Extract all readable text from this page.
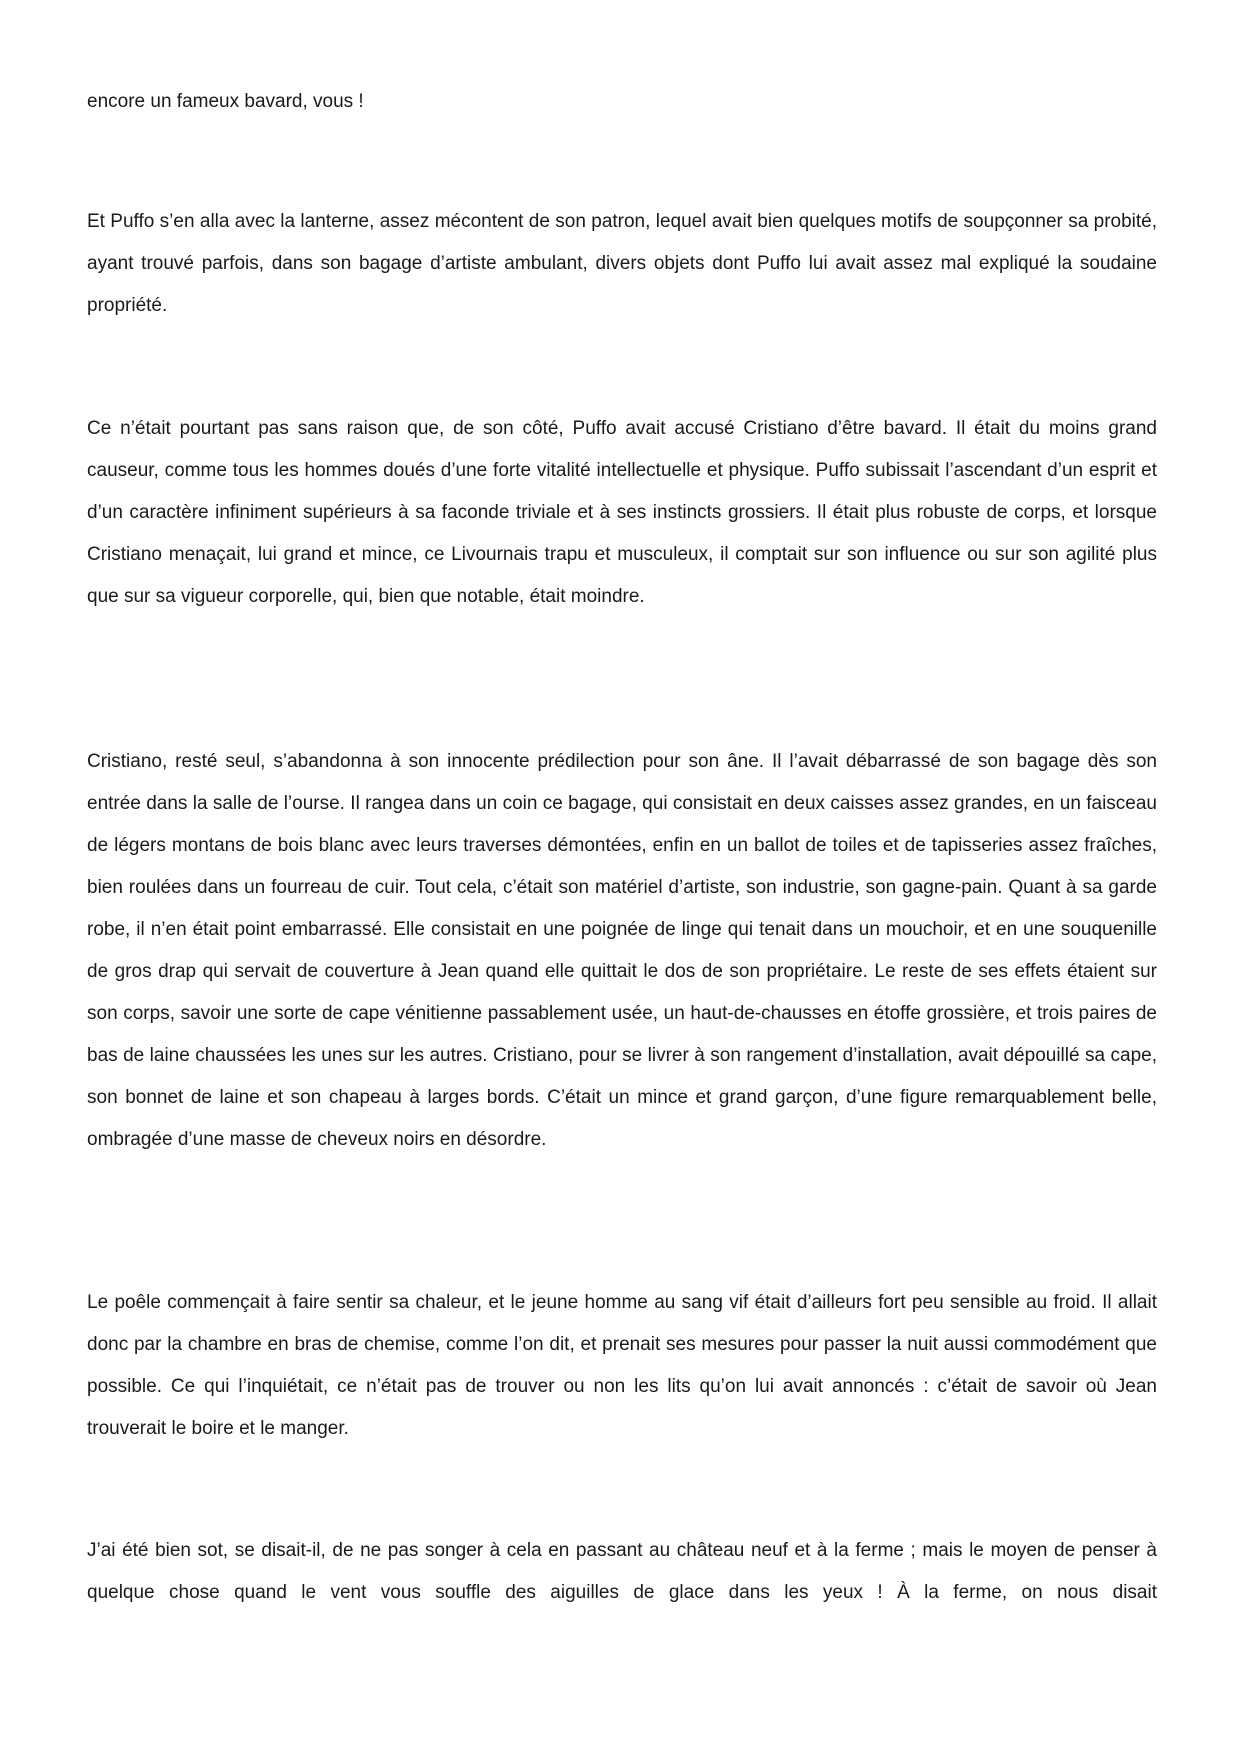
encore un fameux bavard, vous !

Et Puffo s’en alla avec la lanterne, assez mécontent de son patron, lequel avait bien quelques motifs de soupçonner sa probité, ayant trouvé parfois, dans son bagage d’artiste ambulant, divers objets dont Puffo lui avait assez mal expliqué la soudaine propriété.

Ce n’était pourtant pas sans raison que, de son côté, Puffo avait accusé Cristiano d’être bavard. Il était du moins grand causeur, comme tous les hommes doués d’une forte vitalité intellectuelle et physique. Puffo subissait l’ascendant d’un esprit et d’un caractère infiniment supérieurs à sa faconde triviale et à ses instincts grossiers. Il était plus robuste de corps, et lorsque Cristiano menaçait, lui grand et mince, ce Livournais trapu et musculeux, il comptait sur son influence ou sur son agilité plus que sur sa vigueur corporelle, qui, bien que notable, était moindre.

Cristiano, resté seul, s’abandonna à son innocente prédilection pour son âne. Il l’avait débarrassé de son bagage dès son entrée dans la salle de l’ourse. Il rangea dans un coin ce bagage, qui consistait en deux caisses assez grandes, en un faisceau de légers montans de bois blanc avec leurs traverses démontées, enfin en un ballot de toiles et de tapisseries assez fraîches, bien roulées dans un fourreau de cuir. Tout cela, c’était son matériel d’artiste, son industrie, son gagne-pain. Quant à sa garde robe, il n’en était point embarrassé. Elle consistait en une poignée de linge qui tenait dans un mouchoir, et en une souquenille de gros drap qui servait de couverture à Jean quand elle quittait le dos de son propriétaire. Le reste de ses effets étaient sur son corps, savoir une sorte de cape vénitienne passablement usée, un haut-de-chausses en étoffe grossière, et trois paires de bas de laine chaussées les unes sur les autres. Cristiano, pour se livrer à son rangement d’installation, avait dépouillé sa cape, son bonnet de laine et son chapeau à larges bords. C’était un mince et grand garçon, d’une figure remarquablement belle, ombragée d’une masse de cheveux noirs en désordre.

Le poêle commençait à faire sentir sa chaleur, et le jeune homme au sang vif était d’ailleurs fort peu sensible au froid. Il allait donc par la chambre en bras de chemise, comme l’on dit, et prenait ses mesures pour passer la nuit aussi commodément que possible. Ce qui l’inquiétait, ce n’était pas de trouver ou non les lits qu’on lui avait annoncés : c’était de savoir où Jean trouverait le boire et le manger.

J’ai été bien sot, se disait-il, de ne pas songer à cela en passant au château neuf et à la ferme ; mais le moyen de penser à quelque chose quand le vent vous souffle des aiguilles de glace dans les yeux ! À la ferme, on nous disait
